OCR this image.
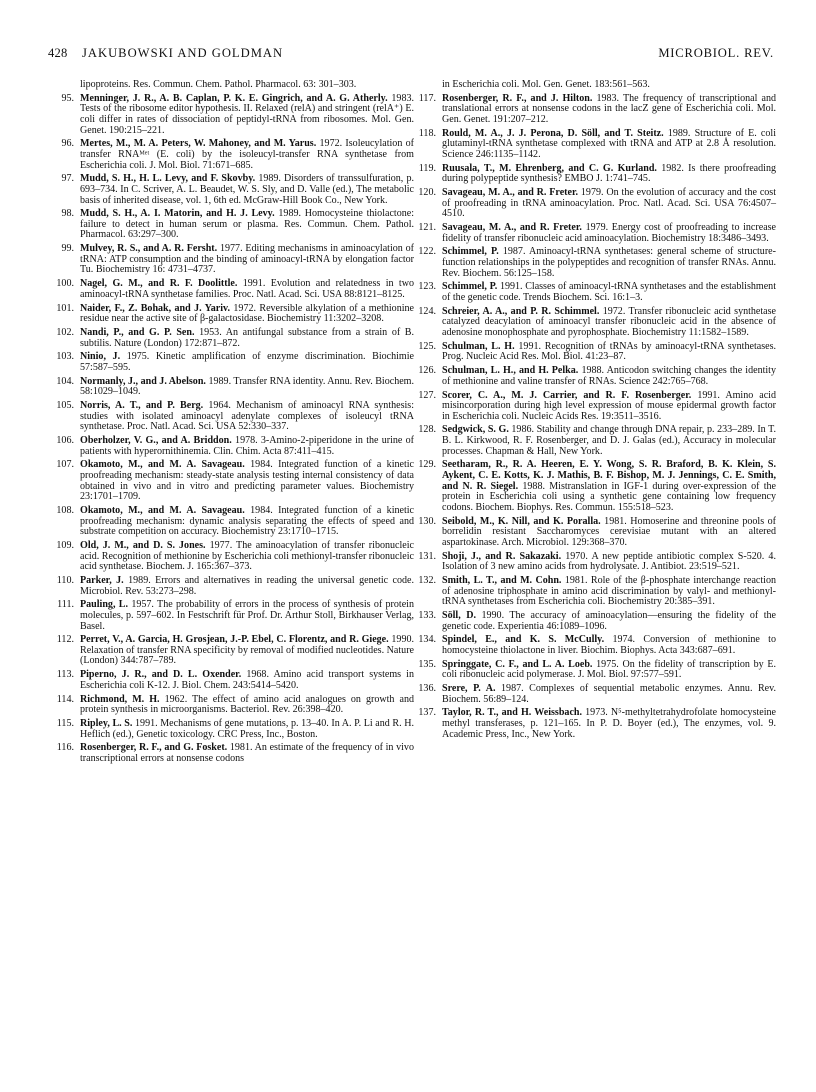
428 JAKUBOWSKI AND GOLDMAN	MICROBIOL. REV.
lipoproteins. Res. Commun. Chem. Pathol. Pharmacol. 63: 301–303.
95. Menninger, J. R., A. B. Caplan, P. K. E. Gingrich, and A. G. Atherly. 1983. Tests of the ribosome editor hypothesis. II. Relaxed (relA) and stringent (relA⁺) E. coli differ in rates of dissociation of peptidyl-tRNA from ribosomes. Mol. Gen. Genet. 190:215–221.
96. Mertes, M., M. A. Peters, W. Mahoney, and M. Yarus. 1972. Isoleucylation of transfer RNAᴹᵉᵗ (E. coli) by the isoleucyl-transfer RNA synthetase from Escherichia coli. J. Mol. Biol. 71:671–685.
97. Mudd, S. H., H. L. Levy, and F. Skovby. 1989. Disorders of transsulfuration, p. 693–734. In C. Scriver, A. L. Beaudet, W. S. Sly, and D. Valle (ed.), The metabolic basis of inherited disease, vol. 1, 6th ed. McGraw-Hill Book Co., New York.
98. Mudd, S. H., A. I. Matorin, and H. J. Levy. 1989. Homocysteine thiolactone: failure to detect in human serum or plasma. Res. Commun. Chem. Pathol. Pharmacol. 63:297–300.
99. Mulvey, R. S., and A. R. Fersht. 1977. Editing mechanisms in aminoacylation of tRNA: ATP consumption and the binding of aminoacyl-tRNA by elongation factor Tu. Biochemistry 16: 4731–4737.
100. Nagel, G. M., and R. F. Doolittle. 1991. Evolution and relatedness in two aminoacyl-tRNA synthetase families. Proc. Natl. Acad. Sci. USA 88:8121–8125.
101. Naider, F., Z. Bohak, and J. Yariv. 1972. Reversible alkylation of a methionine residue near the active site of β-galactosidase. Biochemistry 11:3202–3208.
102. Nandi, P., and G. P. Sen. 1953. An antifungal substance from a strain of B. subtilis. Nature (London) 172:871–872.
103. Ninio, J. 1975. Kinetic amplification of enzyme discrimination. Biochimie 57:587–595.
104. Normanly, J., and J. Abelson. 1989. Transfer RNA identity. Annu. Rev. Biochem. 58:1029–1049.
105. Norris, A. T., and P. Berg. 1964. Mechanism of aminoacyl RNA synthesis: studies with isolated aminoacyl adenylate complexes of isoleucyl tRNA synthetase. Proc. Natl. Acad. Sci. USA 52:330–337.
106. Oberholzer, V. G., and A. Briddon. 1978. 3-Amino-2-piperidone in the urine of patients with hyperornithinemia. Clin. Chim. Acta 87:411–415.
107. Okamoto, M., and M. A. Savageau. 1984. Integrated function of a kinetic proofreading mechanism: steady-state analysis testing internal consistency of data obtained in vivo and in vitro and predicting parameter values. Biochemistry 23:1701–1709.
108. Okamoto, M., and M. A. Savageau. 1984. Integrated function of a kinetic proofreading mechanism: dynamic analysis separating the effects of speed and substrate competition on accuracy. Biochemistry 23:1710–1715.
109. Old, J. M., and D. S. Jones. 1977. The aminoacylation of transfer ribonucleic acid. Recognition of methionine by Escherichia coli methionyl-transfer ribonucleic acid synthetase. Biochem. J. 165:367–373.
110. Parker, J. 1989. Errors and alternatives in reading the universal genetic code. Microbiol. Rev. 53:273–298.
111. Pauling, L. 1957. The probability of errors in the process of synthesis of protein molecules, p. 597–602. In Festschrift für Prof. Dr. Arthur Stoll, Birkhauser Verlag, Basel.
112. Perret, V., A. Garcia, H. Grosjean, J.-P. Ebel, C. Florentz, and R. Giege. 1990. Relaxation of transfer RNA specificity by removal of modified nucleotides. Nature (London) 344:787–789.
113. Piperno, J. R., and D. L. Oxender. 1968. Amino acid transport systems in Escherichia coli K-12. J. Biol. Chem. 243:5414–5420.
114. Richmond, M. H. 1962. The effect of amino acid analogues on growth and protein synthesis in microorganisms. Bacteriol. Rev. 26:398–420.
115. Ripley, L. S. 1991. Mechanisms of gene mutations, p. 13–40. In A. P. Li and R. H. Heflich (ed.), Genetic toxicology. CRC Press, Inc., Boston.
116. Rosenberger, R. F., and G. Fosket. 1981. An estimate of the frequency of in vivo transcriptional errors at nonsense codons
in Escherichia coli. Mol. Gen. Genet. 183:561–563.
117. Rosenberger, R. F., and J. Hilton. 1983. The frequency of transcriptional and translational errors at nonsense codons in the lacZ gene of Escherichia coli. Mol. Gen. Genet. 191:207–212.
118. Rould, M. A., J. J. Perona, D. Söll, and T. Steitz. 1989. Structure of E. coli glutaminyl-tRNA synthetase complexed with tRNA and ATP at 2.8 Å resolution. Science 246:1135–1142.
119. Ruusala, T., M. Ehrenberg, and C. G. Kurland. 1982. Is there proofreading during polypeptide synthesis? EMBO J. 1:741–745.
120. Savageau, M. A., and R. Freter. 1979. On the evolution of accuracy and the cost of proofreading in tRNA aminoacylation. Proc. Natl. Acad. Sci. USA 76:4507–4510.
121. Savageau, M. A., and R. Freter. 1979. Energy cost of proofreading to increase fidelity of transfer ribonucleic acid aminoacylation. Biochemistry 18:3486–3493.
122. Schimmel, P. 1987. Aminoacyl-tRNA synthetases: general scheme of structure-function relationships in the polypeptides and recognition of transfer RNAs. Annu. Rev. Biochem. 56:125–158.
123. Schimmel, P. 1991. Classes of aminoacyl-tRNA synthetases and the establishment of the genetic code. Trends Biochem. Sci. 16:1–3.
124. Schreier, A. A., and P. R. Schimmel. 1972. Transfer ribonucleic acid synthetase catalyzed deacylation of aminoacyl transfer ribonucleic acid in the absence of adenosine monophosphate and pyrophosphate. Biochemistry 11:1582–1589.
125. Schulman, L. H. 1991. Recognition of tRNAs by aminoacyl-tRNA synthetases. Prog. Nucleic Acid Res. Mol. Biol. 41:23–87.
126. Schulman, L. H., and H. Pelka. 1988. Anticodon switching changes the identity of methionine and valine transfer of RNAs. Science 242:765–768.
127. Scorer, C. A., M. J. Carrier, and R. F. Rosenberger. 1991. Amino acid misincorporation during high level expression of mouse epidermal growth factor in Escherichia coli. Nucleic Acids Res. 19:3511–3516.
128. Sedgwick, S. G. 1986. Stability and change through DNA repair, p. 233–289. In T. B. L. Kirkwood, R. F. Rosenberger, and D. J. Galas (ed.), Accuracy in molecular processes. Chapman & Hall, New York.
129. Seetharam, R., R. A. Heeren, E. Y. Wong, S. R. Braford, B. K. Klein, S. Aykent, C. E. Kotts, K. J. Mathis, B. F. Bishop, M. J. Jennings, C. E. Smith, and N. R. Siegel. 1988. Mistranslation in IGF-1 during over-expression of the protein in Escherichia coli using a synthetic gene containing low frequency codons. Biochem. Biophys. Res. Commun. 155:518–523.
130. Seibold, M., K. Nill, and K. Poralla. 1981. Homoserine and threonine pools of borrelidin resistant Saccharomyces cerevisiae mutant with an altered aspartokinase. Arch. Microbiol. 129:368–370.
131. Shoji, J., and R. Sakazaki. 1970. A new peptide antibiotic complex S-520. 4. Isolation of 3 new amino acids from hydrolysate. J. Antibiot. 23:519–521.
132. Smith, L. T., and M. Cohn. 1981. Role of the β-phosphate interchange reaction of adenosine triphosphate in amino acid discrimination by valyl- and methionyl-tRNA synthetases from Escherichia coli. Biochemistry 20:385–391.
133. Söll, D. 1990. The accuracy of aminoacylation—ensuring the fidelity of the genetic code. Experientia 46:1089–1096.
134. Spindel, E., and K. S. McCully. 1974. Conversion of methionine to homocysteine thiolactone in liver. Biochim. Biophys. Acta 343:687–691.
135. Springgate, C. F., and L. A. Loeb. 1975. On the fidelity of transcription by E. coli ribonucleic acid polymerase. J. Mol. Biol. 97:577–591.
136. Srere, P. A. 1987. Complexes of sequential metabolic enzymes. Annu. Rev. Biochem. 56:89–124.
137. Taylor, R. T., and H. Weissbach. 1973. N⁵-methyltetrahydrofolate homocysteine methyl transferases, p. 121–165. In P. D. Boyer (ed.), The enzymes, vol. 9. Academic Press, Inc., New York.
